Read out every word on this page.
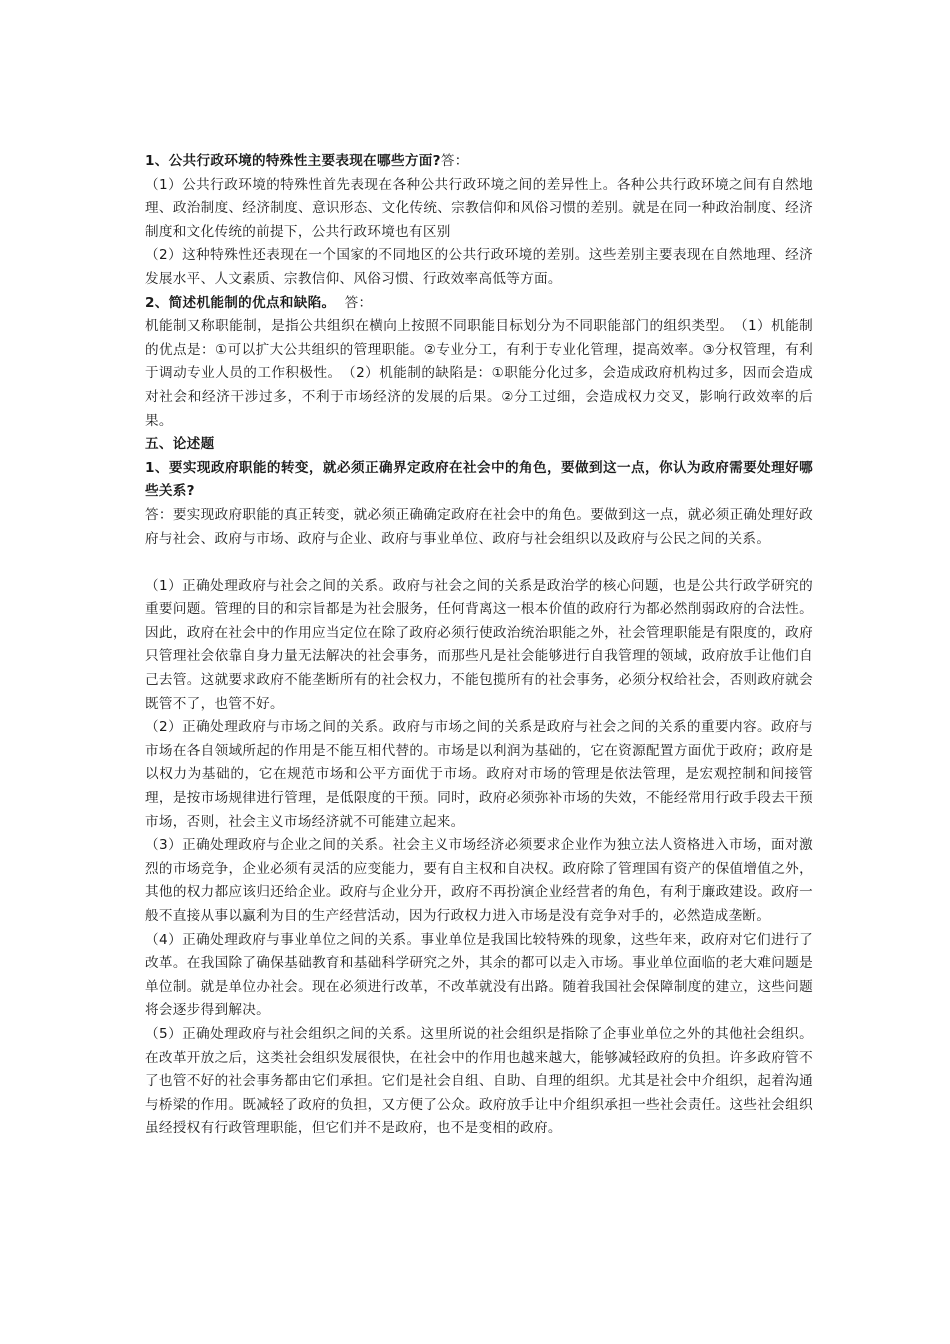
1、公共行政环境的特殊性主要表现在哪些方面?答：

（1）公共行政环境的特殊性首先表现在各种公共行政环境之间的差异性上。各种公共行政环境之间有自然地理、政治制度、经济制度、意识形态、文化传统、宗教信仰和风俗习惯的差别。就是在同一种政治制度、经济制度和文化传统的前提下，公共行政环境也有区别

（2）这种特殊性还表现在一个国家的不同地区的公共行政环境的差别。这些差别主要表现在自然地理、经济发展水平、人文素质、宗教信仰、风俗习惯、行政效率高低等方面。

2、简述机能制的优点和缺陷。 答：

机能制又称职能制，是指公共组织在横向上按照不同职能目标划分为不同职能部门的组织类型。　（1）机能制的优点是：①可以扩大公共组织的管理职能。②专业分工，有利于专业化管理，提高效率。③分权管理，有利于调动专业人员的工作积极性。　（2）机能制的缺陷是：①职能分化过多，会造成政府机构过多，因而会造成对社会和经济干涉过多，不利于市场经济的发展的后果。②分工过细，会造成权力交叉，影响行政效率的后果。

五、论述题

1、要实现政府职能的转变，就必须正确界定政府在社会中的角色，要做到这一点，你认为政府需要处理好哪些关系?

答：要实现政府职能的真正转变，就必须正确确定政府在社会中的角色。要做到这一点，就必须正确处理好政府与社会、政府与市场、政府与企业、政府与事业单位、政府与社会组织以及政府与公民之间的关系。

（1）正确处理政府与社会之间的关系。政府与社会之间的关系是政治学的核心问题，也是公共行政学研究的重要问题。管理的目的和宗旨都是为社会服务，任何背离这一根本价值的政府行为都必然削弱政府的合法性。因此，政府在社会中的作用应当定位在除了政府必须行使政治统治职能之外，社会管理职能是有限度的，政府只管理社会依靠自身力量无法解决的社会事务，而那些凡是社会能够进行自我管理的领域，政府放手让他们自己去管。这就要求政府不能垄断所有的社会权力，不能包揽所有的社会事务，必须分权给社会，否则政府就会既管不了，也管不好。

（2）正确处理政府与市场之间的关系。政府与市场之间的关系是政府与社会之间的关系的重要内容。政府与市场在各自领域所起的作用是不能互相代替的。市场是以利润为基础的，它在资源配置方面优于政府；政府是以权力为基础的，它在规范市场和公平方面优于市场。政府对市场的管理是依法管理，是宏观控制和间接管理，是按市场规律进行管理，是低限度的干预。同时，政府必须弥补市场的失效，不能经常用行政手段去干预市场，否则，社会主义市场经济就不可能建立起来。

（3）正确处理政府与企业之间的关系。社会主义市场经济必须要求企业作为独立法人资格进入市场，面对激烈的市场竞争，企业必须有灵活的应变能力，要有自主权和自决权。政府除了管理国有资产的保值增值之外，其他的权力都应该归还给企业。政府与企业分开，政府不再扮演企业经营者的角色，有利于廉政建设。政府一般不直接从事以赢利为目的生产经营活动，因为行政权力进入市场是没有竞争对手的，必然造成垄断。

（4）正确处理政府与事业单位之间的关系。事业单位是我国比较特殊的现象，这些年来，政府对它们进行了改革。在我国除了确保基础教育和基础科学研究之外，其余的都可以走入市场。事业单位面临的老大难问题是单位制。就是单位办社会。现在必须进行改革，不改革就没有出路。随着我国社会保障制度的建立，这些问题将会逐步得到解决。

（5）正确处理政府与社会组织之间的关系。这里所说的社会组织是指除了企事业单位之外的其他社会组织。在改革开放之后，这类社会组织发展很快，在社会中的作用也越来越大，能够减轻政府的负担。许多政府管不了也管不好的社会事务都由它们承担。它们是社会自组、自助、自理的组织。尤其是社会中介组织，起着沟通与桥梁的作用。既减轻了政府的负担，又方便了公众。政府放手让中介组织承担一些社会责任。这些社会组织虽经授权有行政管理职能，但它们并不是政府，也不是变相的政府。
